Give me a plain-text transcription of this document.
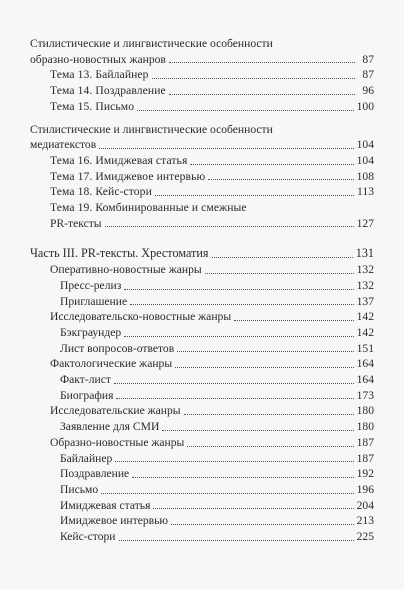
Стилистические и лингвистические особенности
образно-новостных жанров	87
Тема 13. Байлайнер	87
Тема 14. Поздравление	96
Тема 15. Письмо	100
Стилистические и лингвистические особенности
медиатекстов	104
Тема 16. Имиджевая статья	104
Тема 17. Имиджевое интервью	108
Тема 18. Кейс-стори	113
Тема 19. Комбинированные и смежные
PR-тексты	127
Часть III. PR-тексты. Хрестоматия	131
Оперативно-новостные жанры	132
Пресс-релиз	132
Приглашение	137
Исследовательско-новостные жанры	142
Бэкграундер	142
Лист вопросов-ответов	151
Фактологические жанры	164
Факт-лист	164
Биография	173
Исследовательские жанры	180
Заявление для СМИ	180
Образно-новостные жанры	187
Байлайнер	187
Поздравление	192
Письмо	196
Имиджевая статья	204
Имиджевое интервью	213
Кейс-стори	225
